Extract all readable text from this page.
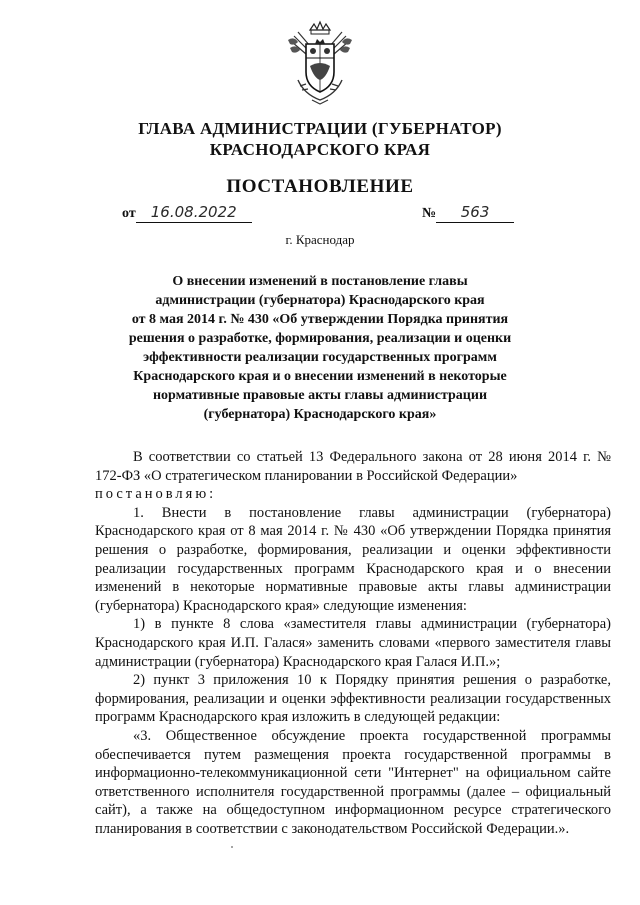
ГЛАВА АДМИНИСТРАЦИИ (ГУБЕРНАТОР)
КРАСНОДАРСКОГО КРАЯ
ПОСТАНОВЛЕНИЕ
от 16.08.2022	№ 563
г. Краснодар
О внесении изменений в постановление главы
администрации (губернатора) Краснодарского края
от 8 мая 2014 г. № 430 «Об утверждении Порядка принятия
решения о разработке, формирования, реализации и оценки
эффективности реализации государственных программ
Краснодарского края и о внесении изменений в некоторые
нормативные правовые акты главы администрации
(губернатора) Краснодарского края»

В соответствии со статьей 13 Федерального закона от 28 июня 2014 г. № 172-ФЗ «О стратегическом планировании в Российской Федерации»
постановляю:

1. Внести в постановление главы администрации (губернатора) Краснодарского края от 8 мая 2014 г. № 430 «Об утверждении Порядка принятия решения о разработке, формирования, реализации и оценки эффективности реализации государственных программ Краснодарского края и о внесении изменений в некоторые нормативные правовые акты главы администрации (губернатора) Краснодарского края» следующие изменения:

1) в пункте 8 слова «заместителя главы администрации (губернатора) Краснодарского края И.П. Галася» заменить словами «первого заместителя главы администрации (губернатора) Краснодарского края Галася И.П.»;

2) пункт 3 приложения 10 к Порядку принятия решения о разработке, формирования, реализации и оценки эффективности реализации государственных программ Краснодарского края изложить в следующей редакции:

«3. Общественное обсуждение проекта государственной программы обеспечивается путем размещения проекта государственной программы в информационно-телекоммуникационной сети "Интернет" на официальном сайте ответственного исполнителя государственной программы (далее – официальный сайт), а также на общедоступном информационном ресурсе стратегического планирования в соответствии с законодательством Российской Федерации.».
